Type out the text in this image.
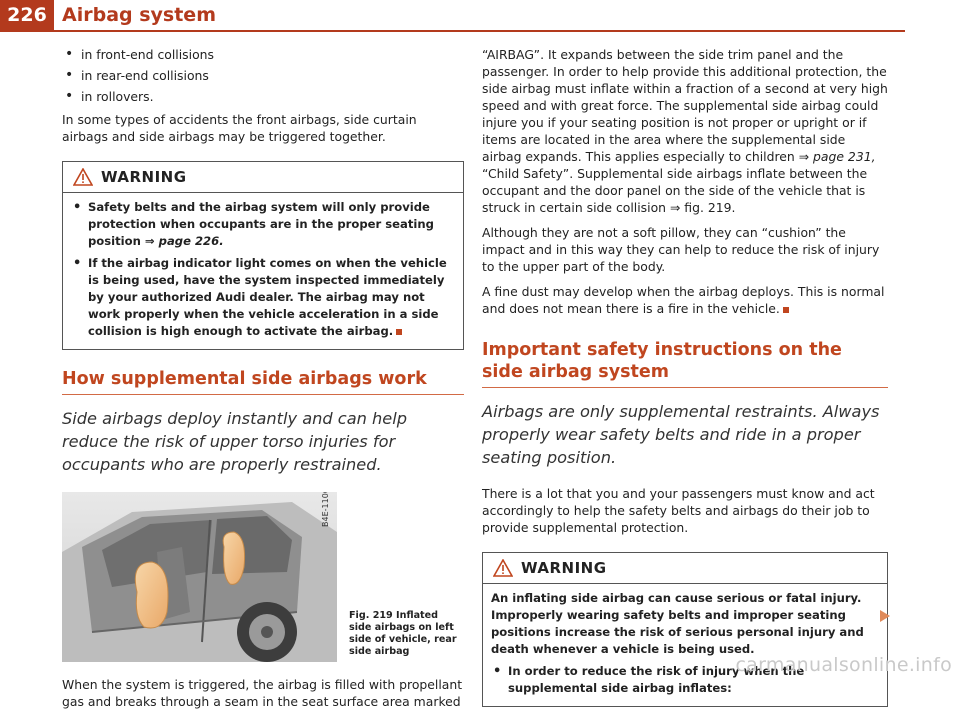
226 Airbag system
• in front-end collisions
• in rear-end collisions
• in rollovers.

In some types of accidents the front airbags, side curtain airbags and side airbags may be triggered together.

WARNING

• Safety belts and the airbag system will only provide protection when occupants are in the proper seating position ⇒ page 226.

• If the airbag indicator light comes on when the vehicle is being used, have the system inspected immediately by your authorized Audi dealer. The airbag may not work properly when the vehicle acceleration in a side collision is high enough to activate the airbag.

How supplemental side airbags work

Side airbags deploy instantly and can help reduce the risk of upper torso injuries for occupants who are properly restrained.

B4E-1106
Fig. 219 Inflated side airbags on left side of vehicle, rear side airbag

When the system is triggered, the airbag is filled with propellant gas and breaks through a seam in the seat surface area marked

“AIRBAG”. It expands between the side trim panel and the passenger. In order to help provide this additional protection, the side airbag must inflate within a fraction of a second at very high speed and with great force. The supplemental side airbag could injure you if your seating position is not proper or upright or if items are located in the area where the supplemental side airbag expands. This applies especially to children ⇒ page 231, “Child Safety”. Supplemental side airbags inflate between the occupant and the door panel on the side of the vehicle that is struck in certain side collision ⇒ fig. 219.

Although they are not a soft pillow, they can “cushion” the impact and in this way they can help to reduce the risk of injury to the upper part of the body.

A fine dust may develop when the airbag deploys. This is normal and does not mean there is a fire in the vehicle.

Important safety instructions on the side airbag system

Airbags are only supplemental restraints. Always properly wear safety belts and ride in a proper seating position.

There is a lot that you and your passengers must know and act accordingly to help the safety belts and airbags do their job to provide supplemental protection.

WARNING

An inflating side airbag can cause serious or fatal injury. Improperly wearing safety belts and improper seating positions increase the risk of serious personal injury and death whenever a vehicle is being used.

• In order to reduce the risk of injury when the supplemental side airbag inflates:

carmanualsonline.info
